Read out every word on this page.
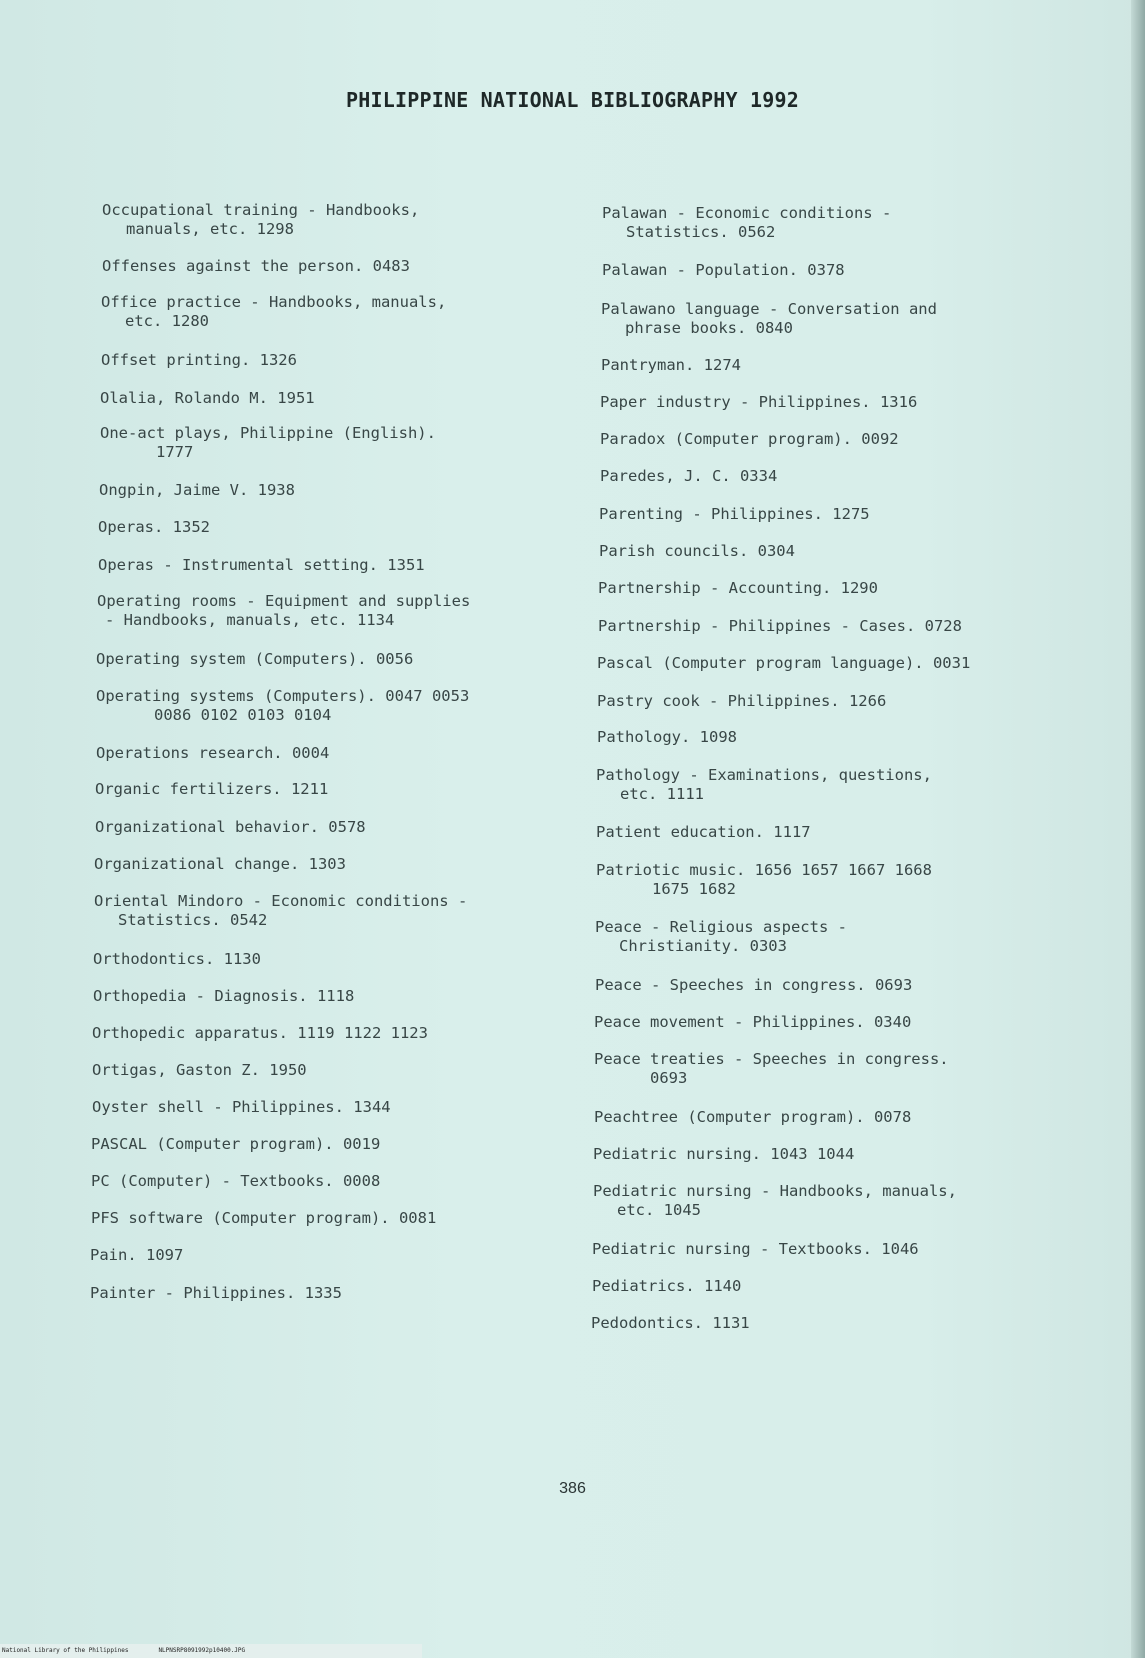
PHILIPPINE NATIONAL BIBLIOGRAPHY 1992
Occupational training - Handbooks,
manuals, etc. 1298
Offenses against the person. 0483
Office practice - Handbooks, manuals,
etc. 1280
Offset printing. 1326
Olalia, Rolando M. 1951
One-act plays, Philippine (English).
1777
Ongpin, Jaime V. 1938
Operas. 1352
Operas - Instrumental setting. 1351
Operating rooms - Equipment and supplies
- Handbooks, manuals, etc. 1134
Operating system (Computers). 0056
Operating systems (Computers). 0047 0053
0086 0102 0103 0104
Operations research. 0004
Organic fertilizers. 1211
Organizational behavior. 0578
Organizational change. 1303
Oriental Mindoro - Economic conditions -
Statistics. 0542
Orthodontics. 1130
Orthopedia - Diagnosis. 1118
Orthopedic apparatus. 1119 1122 1123
Ortigas, Gaston Z. 1950
Oyster shell - Philippines. 1344
PASCAL (Computer program). 0019
PC (Computer) - Textbooks. 0008
PFS software (Computer program). 0081
Pain. 1097
Painter - Philippines. 1335
Palawan - Economic conditions -
Statistics. 0562
Palawan - Population. 0378
Palawano language - Conversation and
phrase books. 0840
Pantryman. 1274
Paper industry - Philippines. 1316
Paradox (Computer program). 0092
Paredes, J. C. 0334
Parenting - Philippines. 1275
Parish councils. 0304
Partnership - Accounting. 1290
Partnership - Philippines - Cases. 0728
Pascal (Computer program language). 0031
Pastry cook - Philippines. 1266
Pathology. 1098
Pathology - Examinations, questions,
etc. 1111
Patient education. 1117
Patriotic music. 1656 1657 1667 1668
1675 1682
Peace - Religious aspects -
Christianity. 0303
Peace - Speeches in congress. 0693
Peace movement - Philippines. 0340
Peace treaties - Speeches in congress.
0693
Peachtree (Computer program). 0078
Pediatric nursing. 1043 1044
Pediatric nursing - Handbooks, manuals,
etc. 1045
Pediatric nursing - Textbooks. 1046
Pediatrics. 1140
Pedodontics. 1131
386
National Library of the Philippines	NLPNSRP8091992p10400.JPG
